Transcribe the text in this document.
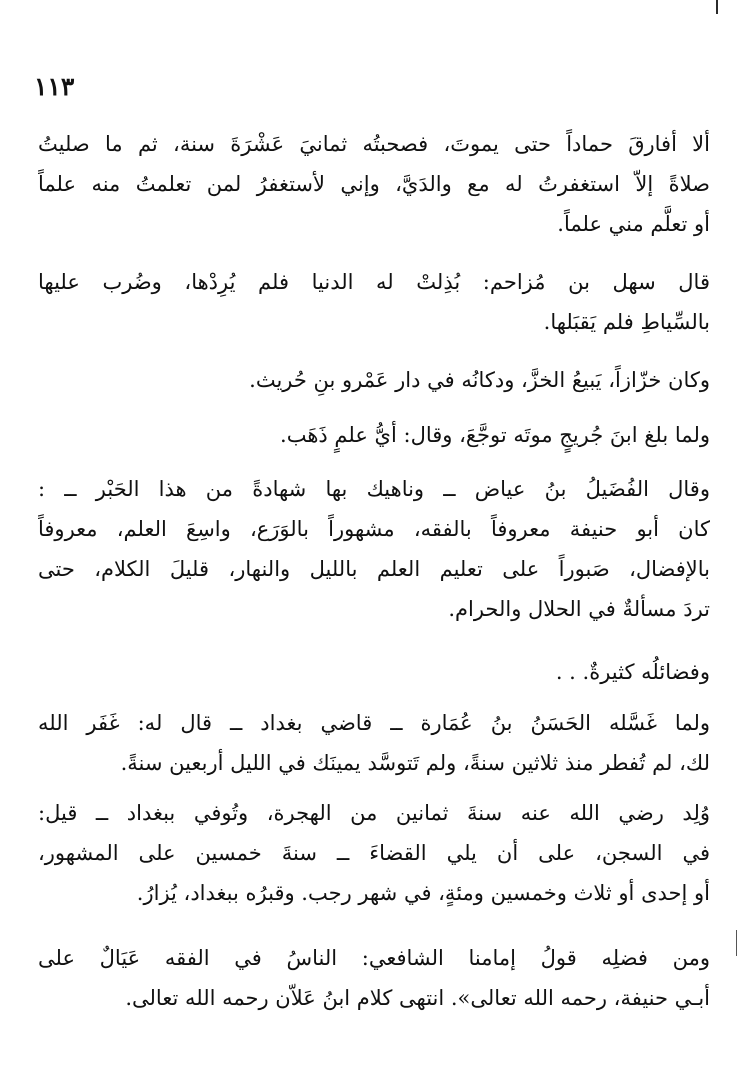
١١٣

ألا أفارقَ حماداً حتى يموتَ، فصحبتُه ثمانيَ عَشْرَةَ سنة، ثم ما صليتُ
صلاةً إلاّ استغفرتُ له مع والدَيَّ، وإني لأستغفرُ لمن تعلمتُ منه علماً
أو تعلَّم مني علماً.

قال سهل بن مُزاحم: بُذِلتْ له الدنيا فلم يُرِدْها، وضُرب عليها
بالسِّياطِ فلم يَقبَلها.

وكان خزّازاً، يَبيعُ الخزَّ، ودكانُه في دار عَمْرو بنِ حُريث.

ولما بلغ ابنَ جُريجٍ موتَه توجَّعَ، وقال: أيُّ علمٍ ذَهَب.

وقال الفُضَيلُ بنُ عياض ــ وناهيك بها شهادةً من هذا الحَبْر ــ :
كان أبو حنيفة معروفاً بالفقه، مشهوراً بالوَرَع، واسِعَ العلم، معروفاً
بالإفضال، صَبوراً على تعليم العلم بالليل والنهار، قليلَ الكلام، حتى
تردَ مسألةٌ في الحلال والحرام.

وفضائلُه كثيرةٌ. . .

ولما غَسَّله الحَسَنُ بنُ عُمَارة ــ قاضي بغداد ــ قال له: غَفَر الله
لك، لم تُفطر منذ ثلاثين سنةً، ولم تَتوسَّد يمينَك في الليل أربعين سنةً.

وُلِد رضي الله عنه سنةَ ثمانين من الهجرة، وتُوفي ببغداد ــ قيل:
في السجن، على أن يلي القضاءَ ــ سنةَ خمسين على المشهور،
أو إحدى أو ثلاث وخمسين ومئةٍ، في شهر رجب. وقبرُه ببغداد، يُزارُ.

ومن فضلِه قولُ إمامنا الشافعي: الناسُ في الفقه عَيَالٌ على
أبـي حنيفة، رحمه الله تعالى». انتهى كلام ابنُ عَلاّن رحمه الله تعالى.
